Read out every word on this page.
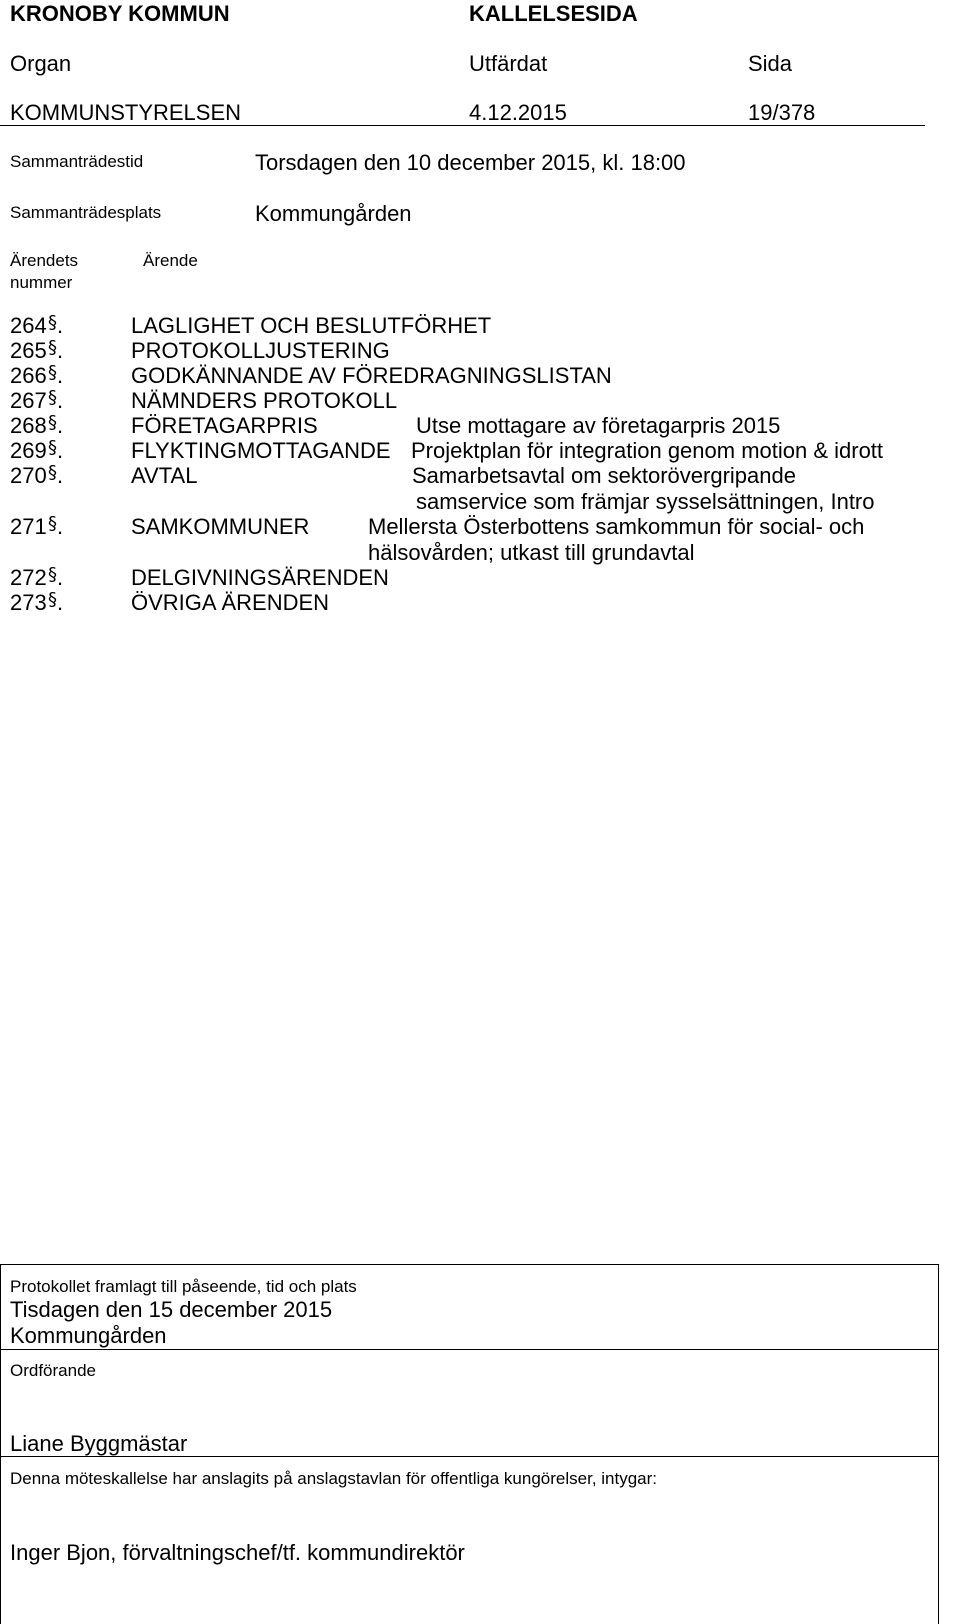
KRONOBY KOMMUN	KALLELSESIDA
Organ	Utfärdat	Sida
KOMMUNSTYRELSEN	4.12.2015	19/378
Sammanträdestid	Torsdagen den 10 december 2015, kl. 18:00
Sammanträdesplats	Kommungården
Ärendets
nummer
Ärende
264 § .	LAGLIGHET OCH BESLUTFÖRHET
265 § .	PROTOKOLLJUSTERING
266 § .	GODKÄNNANDE AV FÖREDRAGNINGSLISTAN
267 § .	NÄMNDERS PROTOKOLL
268 § .	FÖRETAGARPRIS	Utse mottagare av företagarpris 2015
269 § .	FLYKTINGMOTTAGANDE Projektplan för integration genom motion & idrott
270 § .	AVTAL	Samarbetsavtal om sektorövergripande
samservice som främjar sysselsättningen, Intro
271 § .	SAMKOMMUNER	Mellersta Österbottens samkommun för social- och
hälsovården; utkast till grundavtal
272 § .	DELGIVNINGSÄRENDEN
273 § .	ÖVRIGA ÄRENDEN
Protokollet framlagt till påseende, tid och plats
Tisdagen den 15 december 2015
Kommungården
Ordförande
Liane Byggmästar
Denna möteskallelse har anslagits på anslagstavlan för offentliga kungörelser, intygar:
Inger Bjon, förvaltningschef/tf. kommundirektör
